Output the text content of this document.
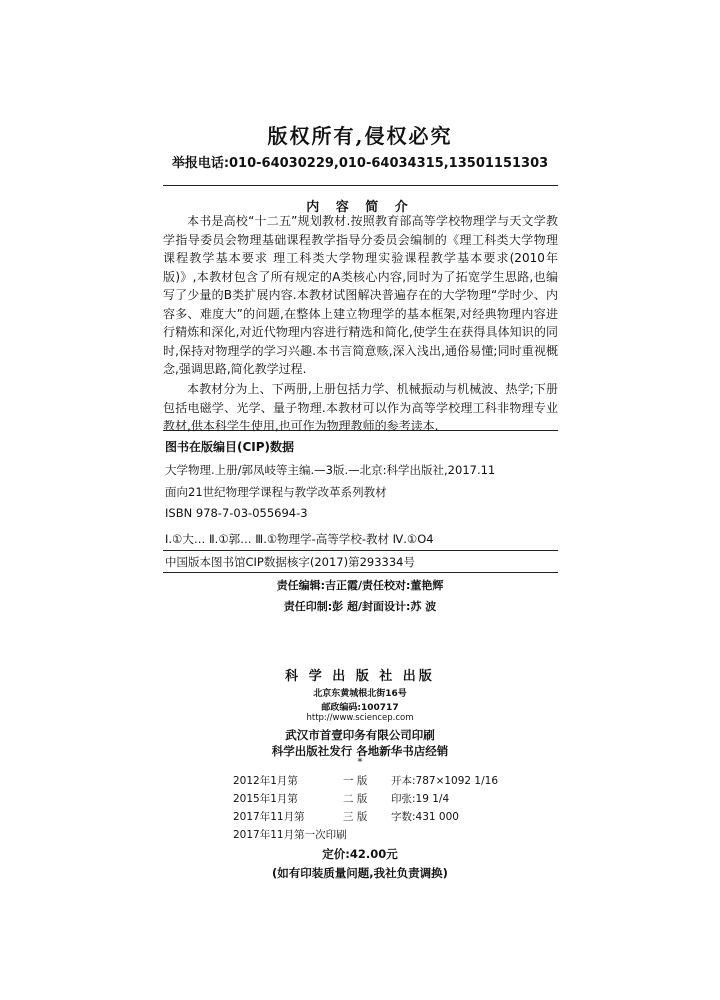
版权所有,侵权必究
举报电话:010-64030229,010-64034315,13501151303
内 容 简 介
本书是高校“十二五”规划教材.按照教育部高等学校物理学与天文学教学指导委员会物理基础课程教学指导分委员会编制的《理工科类大学物理课程教学基本要求 理工科类大学物理实验课程教学基本要求(2010年版)》,本教材包含了所有规定的A类核心内容,同时为了拓宽学生思路,也编写了少量的B类扩展内容.本教材试图解决普遍存在的大学物理“学时少、内容多、难度大”的问题,在整体上建立物理学的基本框架,对经典物理内容进行精炼和深化,对近代物理内容进行精选和简化,使学生在获得具体知识的同时,保持对物理学的学习兴趣.本书言简意赅,深入浅出,通俗易懂;同时重视概念,强调思路,简化教学过程.
本教材分为上、下两册,上册包括力学、机械振动与机械波、热学;下册包括电磁学、光学、量子物理.本教材可以作为高等学校理工科非物理专业教材,供本科学生使用,也可作为物理教师的参考读本.
图书在版编目(CIP)数据
大学物理.上册/郭凤岐等主编.—3版.—北京:科学出版社,2017.11
面向21世纪物理学课程与教学改革系列教材
ISBN 978-7-03-055694-3
Ⅰ.①大… Ⅱ.①郭… Ⅲ.①物理学-高等学校-教材 Ⅳ.①O4
中国版本图书馆CIP数据核字(2017)第293334号
责任编辑:吉正霞/责任校对:董艳辉
责任印制:彭 超/封面设计:苏 波
科 学 出 版 社 出版
北京东黄城根北街16号
邮政编码:100717
http://www.sciencep.com
武汉市首壹印务有限公司印刷
科学出版社发行 各地新华书店经销
*
2012年1月第	一 版 开本:787×1092 1/16
2015年1月第	二 版 印张:19 1/4
2017年11月第	三 版 字数:431 000
2017年11月第一次印刷
定价:42.00元
(如有印装质量问题,我社负责调换)
